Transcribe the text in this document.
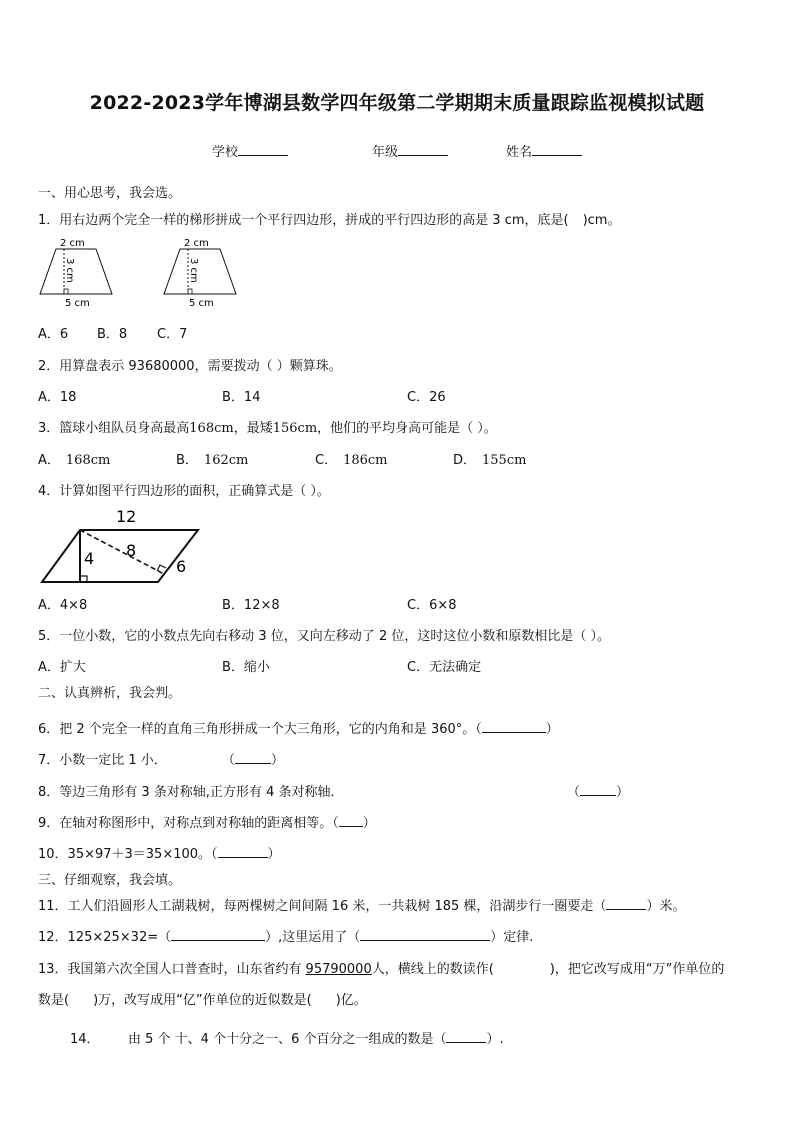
2022-2023学年博湖县数学四年级第二学期期末质量跟踪监视模拟试题
学校	年级	姓名
一、用心思考，我会选。
1．用右边两个完全一样的梯形拼成一个平行四边形，拼成的平行四边形的高是 3 cm，底是( )cm。
2 cm
3 cm
5 cm
2 cm
3 cm
5 cm
A．6 B．8 C．7
2．用算盘表示 93680000，需要拨动（ ）颗算珠。
A．18	B．14	C．26
3．篮球小组队员身高最高168cm，最矮156cm，他们的平均身高可能是（ ）。
A． 168cm	B． 162cm	C． 186cm	D． 155cm
4．计算如图平行四边形的面积，正确算式是（ ）。
12
4 8
6
A．4×8	B．12×8	C．6×8
5．一位小数，它的小数点先向右移动 3 位，又向左移动了 2 位，这时这位小数和原数相比是（ ）。
A．扩大	B．缩小	C．无法确定
二、认真辨析，我会判。
6．把 2 个完全一样的直角三角形拼成一个大三角形，它的内角和是 360°。（	）
7．小数一定比 1 小．	（	）
8．等边三角形有 3 条对称轴,正方形有 4 条对称轴．	（	）
9．在轴对称图形中，对称点到对称轴的距离相等。（ ）
10．35×97＋3＝35×100。（	）
三、仔细观察，我会填。
11．工人们沿圆形人工湖栽树，每两棵树之间间隔 16 米，一共栽树 185 棵，沿湖步行一圈要走（	）米。
12．125×25×32=（	）,这里运用了（	）定律.
13．我国第六次全国人口普查时，山东省约有 95790000人，横线上的数读作(	)，把它改写成用“万”作单位的
数是( )万，改写成用“亿”作单位的近似数是( )亿。
14． 由 5 个 十、4 个十分之一、6 个百分之一组成的数是（	）.
